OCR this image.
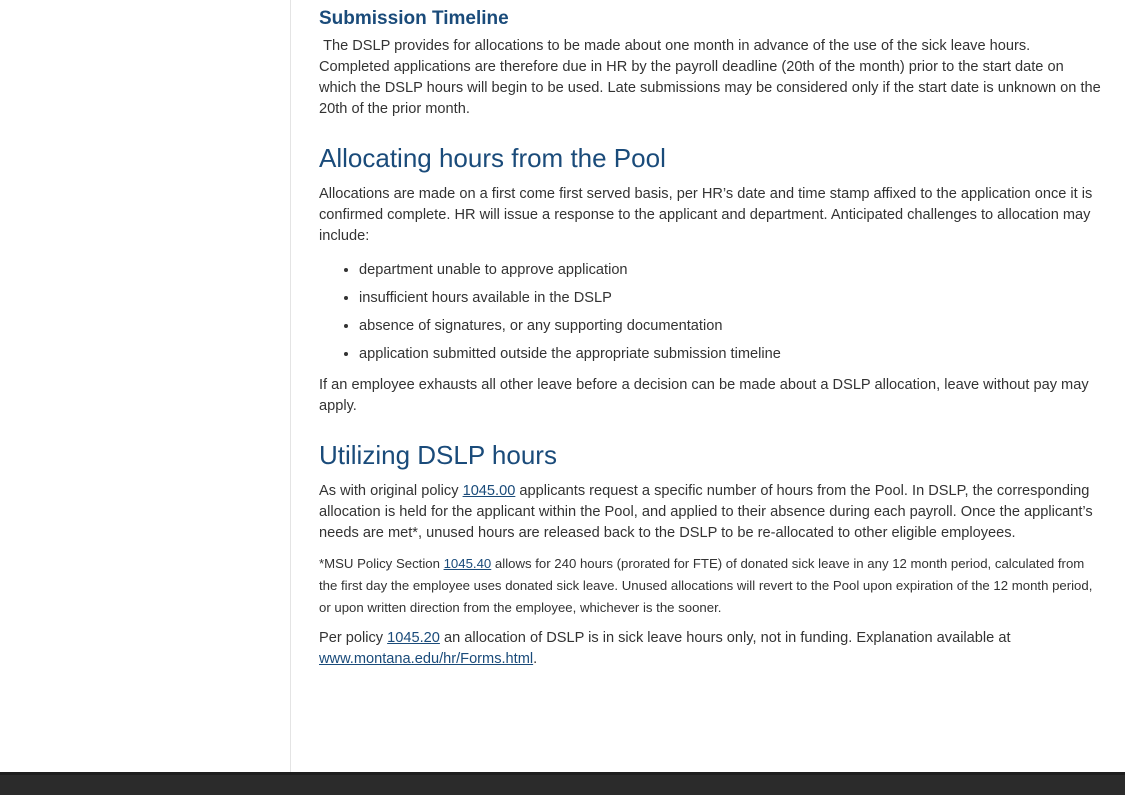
Submission Timeline

The DSLP provides for allocations to be made about one month in advance of the use of the sick leave hours. Completed applications are therefore due in HR by the payroll deadline (20th of the month) prior to the start date on which the DSLP hours will begin to be used. Late submissions may be considered only if the start date is unknown on the 20th of the prior month.

Allocating hours from the Pool

Allocations are made on a first come first served basis, per HR’s date and time stamp affixed to the application once it is confirmed complete. HR will issue a response to the applicant and department. Anticipated challenges to allocation may include:

• department unable to approve application
• insufficient hours available in the DSLP
• absence of signatures, or any supporting documentation
• application submitted outside the appropriate submission timeline

If an employee exhausts all other leave before a decision can be made about a DSLP allocation, leave without pay may apply.

Utilizing DSLP hours

As with original policy 1045.00 applicants request a specific number of hours from the Pool. In DSLP, the corresponding allocation is held for the applicant within the Pool, and applied to their absence during each payroll. Once the applicant’s needs are met*, unused hours are released back to the DSLP to be re-allocated to other eligible employees.

*MSU Policy Section 1045.40 allows for 240 hours (prorated for FTE) of donated sick leave in any 12 month period, calculated from the first day the employee uses donated sick leave. Unused allocations will revert to the Pool upon expiration of the 12 month period, or upon written direction from the employee, whichever is the sooner.

Per policy 1045.20 an allocation of DSLP is in sick leave hours only, not in funding. Explanation available at www.montana.edu/hr/Forms.html.
